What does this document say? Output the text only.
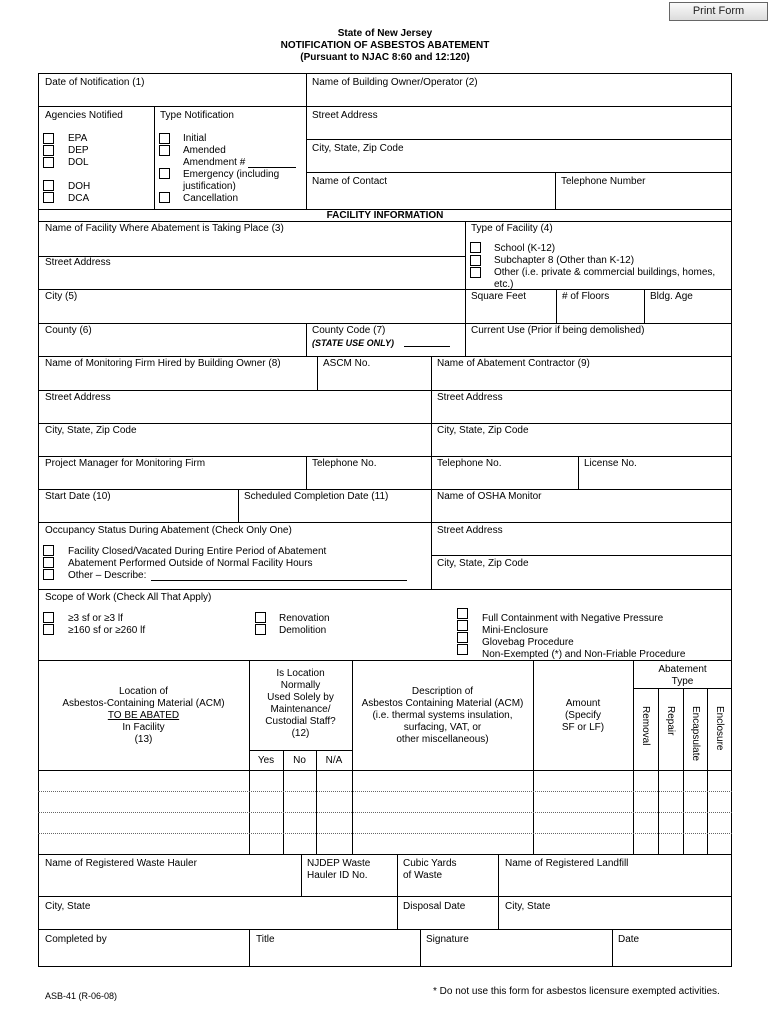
Print Form
State of New Jersey
NOTIFICATION OF ASBESTOS ABATEMENT
(Pursuant to NJAC 8:60 and 12:120)
Date of Notification (1)	Name of Building Owner/Operator (2)
Agencies Notified	Type Notification	Street Address
City, State, Zip Code
Name of Contact	Telephone Number
EPA
DEP
DOL
DOH
DCA
Initial
Amended
Amendment #
Emergency (including
justification)
Cancellation
FACILITY INFORMATION
Name of Facility Where Abatement is Taking Place (3)	Type of Facility (4)
School (K-12)
Subchapter 8 (Other than K-12)
Other (i.e. private & commercial buildings, homes,
etc.)
Street Address
City (5)	Square Feet	# of Floors	Bldg. Age
County (6)	County Code (7)
(STATE USE ONLY)
Current Use (Prior if being demolished)
Name of Monitoring Firm Hired by Building Owner (8)	ASCM No.	Name of Abatement Contractor (9)
Street Address	Street Address
City, State, Zip Code	City, State, Zip Code
Project Manager for Monitoring Firm	Telephone No.	Telephone No.	License No.
Start Date (10)	Scheduled Completion Date (11)	Name of OSHA Monitor
Occupancy Status During Abatement (Check Only One)	Street Address
City, State, Zip Code
Facility Closed/Vacated During Entire Period of Abatement
Abatement Performed Outside of Normal Facility Hours
Other – Describe:
Scope of Work (Check All That Apply)
≥3 sf or ≥3 lf
≥160 sf or ≥260 lf
Renovation
Demolition
Full Containment with Negative Pressure
Mini-Enclosure
Glovebag Procedure
Non-Exempted (*) and Non-Friable Procedure
Location of
Asbestos-Containing Material (ACM)
TO BE ABATED
In Facility
(13)
Is Location
Normally
Used Solely by
Maintenance/
Custodial Staff?
(12)
Yes	No	N/A
Description of
Asbestos Containing Material (ACM)
(i.e. thermal systems insulation,
surfacing, VAT, or
other miscellaneous)
Amount
(Specify
SF or LF)
Abatement
Type
Removal Repair Encapsulate Enclosure
Name of Registered Waste Hauler	NJDEP Waste
Hauler ID No.
Cubic Yards
of Waste
Name of Registered Landfill
City, State	Disposal Date	City, State
Completed by	Title	Signature	Date
ASB-41 (R-06-08)	* Do not use this form for asbestos licensure exempted activities.
